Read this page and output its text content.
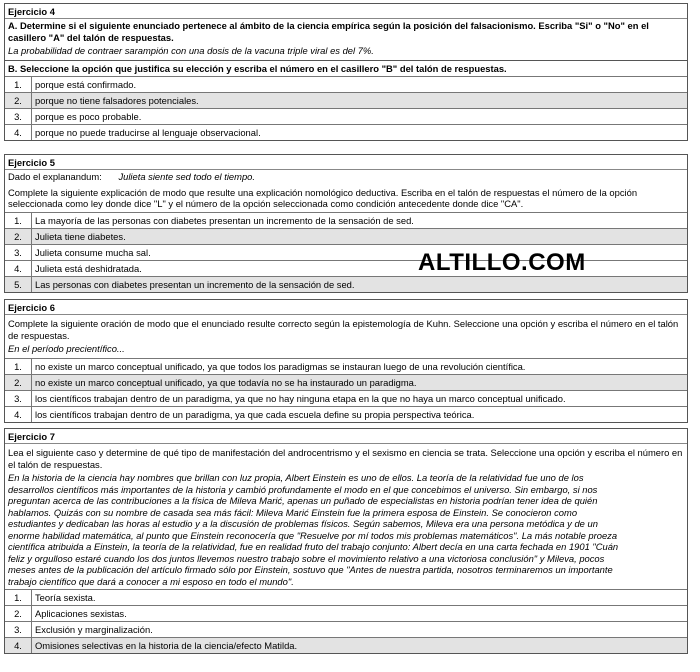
Ejercicio 4
A. Determine si el siguiente enunciado pertenece al ámbito de la ciencia empírica según la posición del falsacionismo. Escriba "Si" o "No" en el casillero "A" del talón de respuestas.
La probabilidad de contraer sarampión con una dosis de la vacuna triple viral es del 7%.
B. Seleccione la opción que justifica su elección y escriba el número en el casillero "B" del talón de respuestas.
1.	porque está confirmado.
2.	porque no tiene falsadores potenciales.
3.	porque es poco probable.
4.	porque no puede traducirse al lenguaje observacional.
Ejercicio 5
Dado el explanandum: Julieta siente sed todo el tiempo.
Complete la siguiente explicación de modo que resulte una explicación nomológico deductiva. Escriba en el talón de respuestas el número de la opción seleccionada como ley donde dice "L" y el número de la opción seleccionada como condición antecedente donde dice "CA".
1.	La mayoría de las personas con diabetes presentan un incremento de la sensación de sed.
2.	Julieta tiene diabetes.
3.	Julieta consume mucha sal.
4.	Julieta está deshidratada.
5.	Las personas con diabetes presentan un incremento de la sensación de sed.
ALTILLO.COM
Ejercicio 6
Complete la siguiente oración de modo que el enunciado resulte correcto según la epistemología de Kuhn. Seleccione una opción y escriba el número en el talón de respuestas.
En el período precientífico...
1.	no existe un marco conceptual unificado, ya que todos los paradigmas se instauran luego de una revolución científica.
2.	no existe un marco conceptual unificado, ya que todavía no se ha instaurado un paradigma.
3.	los científicos trabajan dentro de un paradigma, ya que no hay ninguna etapa en la que no haya un marco conceptual unificado.
4.	los científicos trabajan dentro de un paradigma, ya que cada escuela define su propia perspectiva teórica.
Ejercicio 7
Lea el siguiente caso y determine de qué tipo de manifestación del androcentrismo y el sexismo en ciencia se trata. Seleccione una opción y escriba el número en el talón de respuestas.
En la historia de la ciencia hay nombres que brillan con luz propia, Albert Einstein es uno de ellos. La teoría de la relatividad fue uno de los
desarrollos científicos más importantes de la historia y cambió profundamente el modo en el que concebimos el universo. Sin embargo, si nos
preguntan acerca de las contribuciones a la física de Mileva Marić, apenas un puñado de especialistas en historia podrían tener idea de quién
hablamos. Quizás con su nombre de casada sea más fácil: Mileva Marić Einstein fue la primera esposa de Einstein. Se conocieron como
estudiantes y dedicaban las horas al estudio y a la discusión de problemas físicos. Según sabemos, Mileva era una persona metódica y de un
enorme habilidad matemática, al punto que Einstein reconocería que "Resuelve por mí todos mis problemas matemáticos". La más notable proeza
científica atribuida a Einstein, la teoría de la relatividad, fue en realidad fruto del trabajo conjunto: Albert decía en una carta fechada en 1901 "Cuán
feliz y orgulloso estaré cuando los dos juntos llevemos nuestro trabajo sobre el movimiento relativo a una victoriosa conclusión" y Mileva, pocos
meses antes de la publicación del artículo firmado sólo por Einstein, sostuvo que "Antes de nuestra partida, nosotros terminaremos un importante
trabajo científico que dará a conocer a mi esposo en todo el mundo".
1.	Teoría sexista.
2.	Aplicaciones sexistas.
3.	Exclusión y marginalización.
4.	Omisiones selectivas en la historia de la ciencia/efecto Matilda.
